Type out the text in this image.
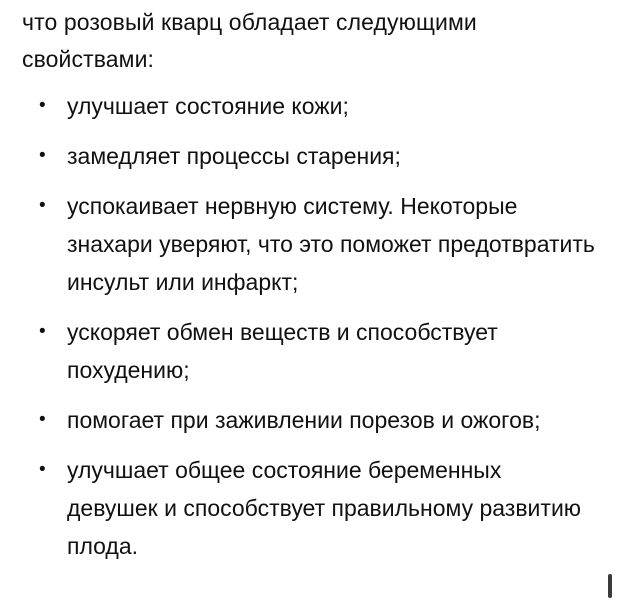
что розовый кварц обладает следующими свойствами:

• улучшает состояние кожи;
• замедляет процессы старения;
• успокаивает нервную систему. Некоторые знахари уверяют, что это поможет предотвратить инсульт или инфаркт;
• ускоряет обмен веществ и способствует похудению;
• помогает при заживлении порезов и ожогов;
• улучшает общее состояние беременных девушек и способствует правильному развитию плода.
